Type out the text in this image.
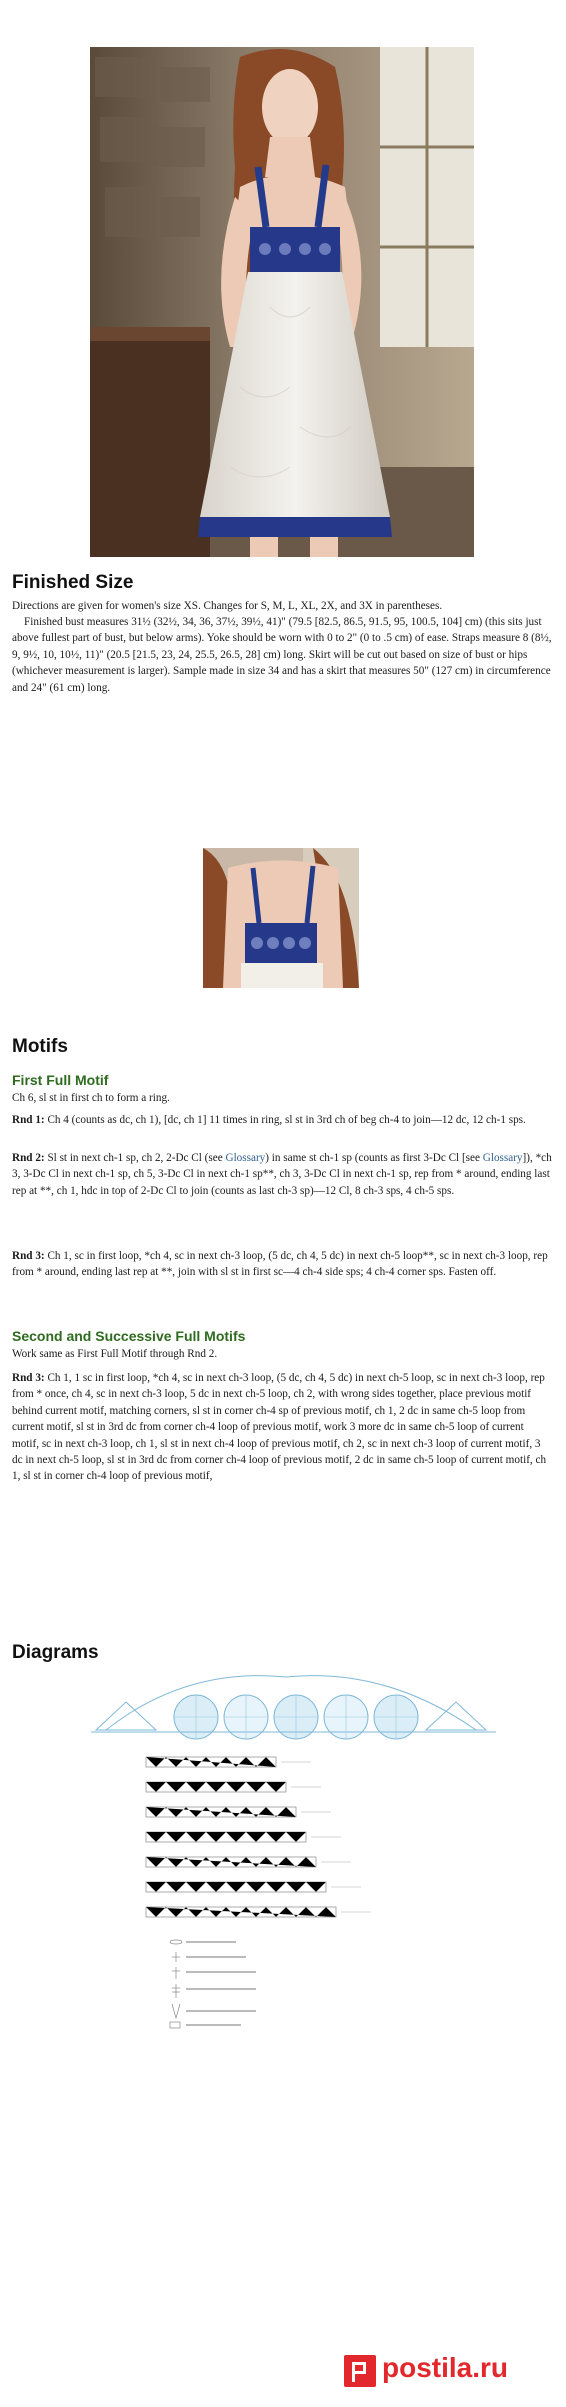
Finished Size

Directions are given for women's size XS. Changes for S, M, L, XL, 2X, and 3X in parentheses.

Finished bust measures 31½ (32½, 34, 36, 37½, 39½, 41)" (79.5 [82.5, 86.5, 91.5, 95, 100.5, 104] cm) (this sits just above fullest part of bust, but below arms). Yoke should be worn with 0 to 2" (0 to .5 cm) of ease. Straps measure 8 (8½, 9, 9½, 10, 10½, 11)" (20.5 [21.5, 23, 24, 25.5, 26.5, 28] cm) long. Skirt will be cut out based on size of bust or hips (whichever measurement is larger). Sample made in size 34 and has a skirt that measures 50" (127 cm) in circumference and 24" (61 cm) long.

Motifs
First Full Motif

Ch 6, sl st in first ch to form a ring.

Rnd 1: Ch 4 (counts as dc, ch 1), [dc, ch 1] 11 times in ring, sl st in 3rd ch of beg ch-4 to join—12 dc, 12 ch-1 sps.

Rnd 2: Sl st in next ch-1 sp, ch 2, 2-Dc Cl (see Glossary) in same st ch-1 sp (counts as first 3-Dc Cl [see Glossary]), *ch 3, 3-Dc Cl in next ch-1 sp, ch 5, 3-Dc Cl in next ch-1 sp**, ch 3, 3-Dc Cl in next ch-1 sp, rep from * around, ending last rep at **, ch 1, hdc in top of 2-Dc Cl to join (counts as last ch-3 sp)—12 Cl, 8 ch-3 sps, 4 ch-5 sps.

Rnd 3: Ch 1, sc in first loop, *ch 4, sc in next ch-3 loop, (5 dc, ch 4, 5 dc) in next ch-5 loop**, sc in next ch-3 loop, rep from * around, ending last rep at **, join with sl st in first sc—4 ch-4 side sps; 4 ch-4 corner sps. Fasten off.

Second and Successive Full Motifs

Work same as First Full Motif through Rnd 2.

Rnd 3: Ch 1, 1 sc in first loop, *ch 4, sc in next ch-3 loop, (5 dc, ch 4, 5 dc) in next ch-5 loop, sc in next ch-3 loop, rep from * once, ch 4, sc in next ch-3 loop, 5 dc in next ch-5 loop, ch 2, with wrong sides together, place previous motif behind current motif, matching corners, sl st in corner ch-4 sp of previous motif, ch 1, 2 dc in same ch-5 loop from current motif, sl st in 3rd dc from corner ch-4 loop of previous motif, work 3 more dc in same ch-5 loop of current motif, sc in next ch-3 loop, ch 1, sl st in next ch-4 loop of previous motif, ch 2, sc in next ch-3 loop of current motif, 3 dc in next ch-5 loop, sl st in 3rd dc from corner ch-4 loop of previous motif, 2 dc in same ch-5 loop of current motif, ch 1, sl st in corner ch-4 loop of previous motif,

Diagrams
postila.ru
